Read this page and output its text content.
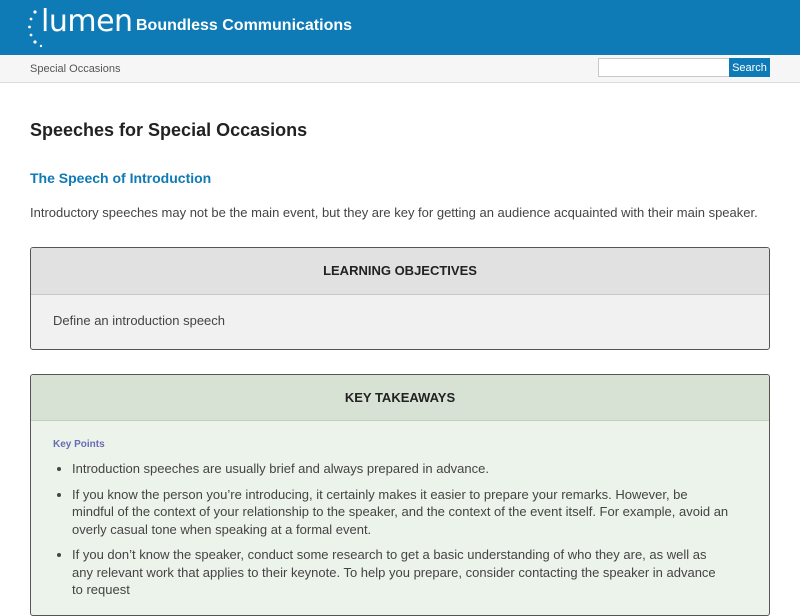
lumen Boundless Communications
Special Occasions	Search
Speeches for Special Occasions
The Speech of Introduction

Introductory speeches may not be the main event, but they are key for getting an audience acquainted with their main speaker.

LEARNING OBJECTIVES
Define an introduction speech
KEY TAKEAWAYS
Key Points
• Introduction speeches are usually brief and always prepared in advance.
• If you know the person you’re introducing, it certainly makes it easier to prepare your remarks. However, be mindful of the context of your relationship to the speaker, and the context of the event itself. For example, avoid an overly casual tone when speaking at a formal event.
• If you don’t know the speaker, conduct some research to get a basic understanding of who they are, as well as any relevant work that applies to their keynote. To help you prepare, consider contacting the speaker in advance to request
